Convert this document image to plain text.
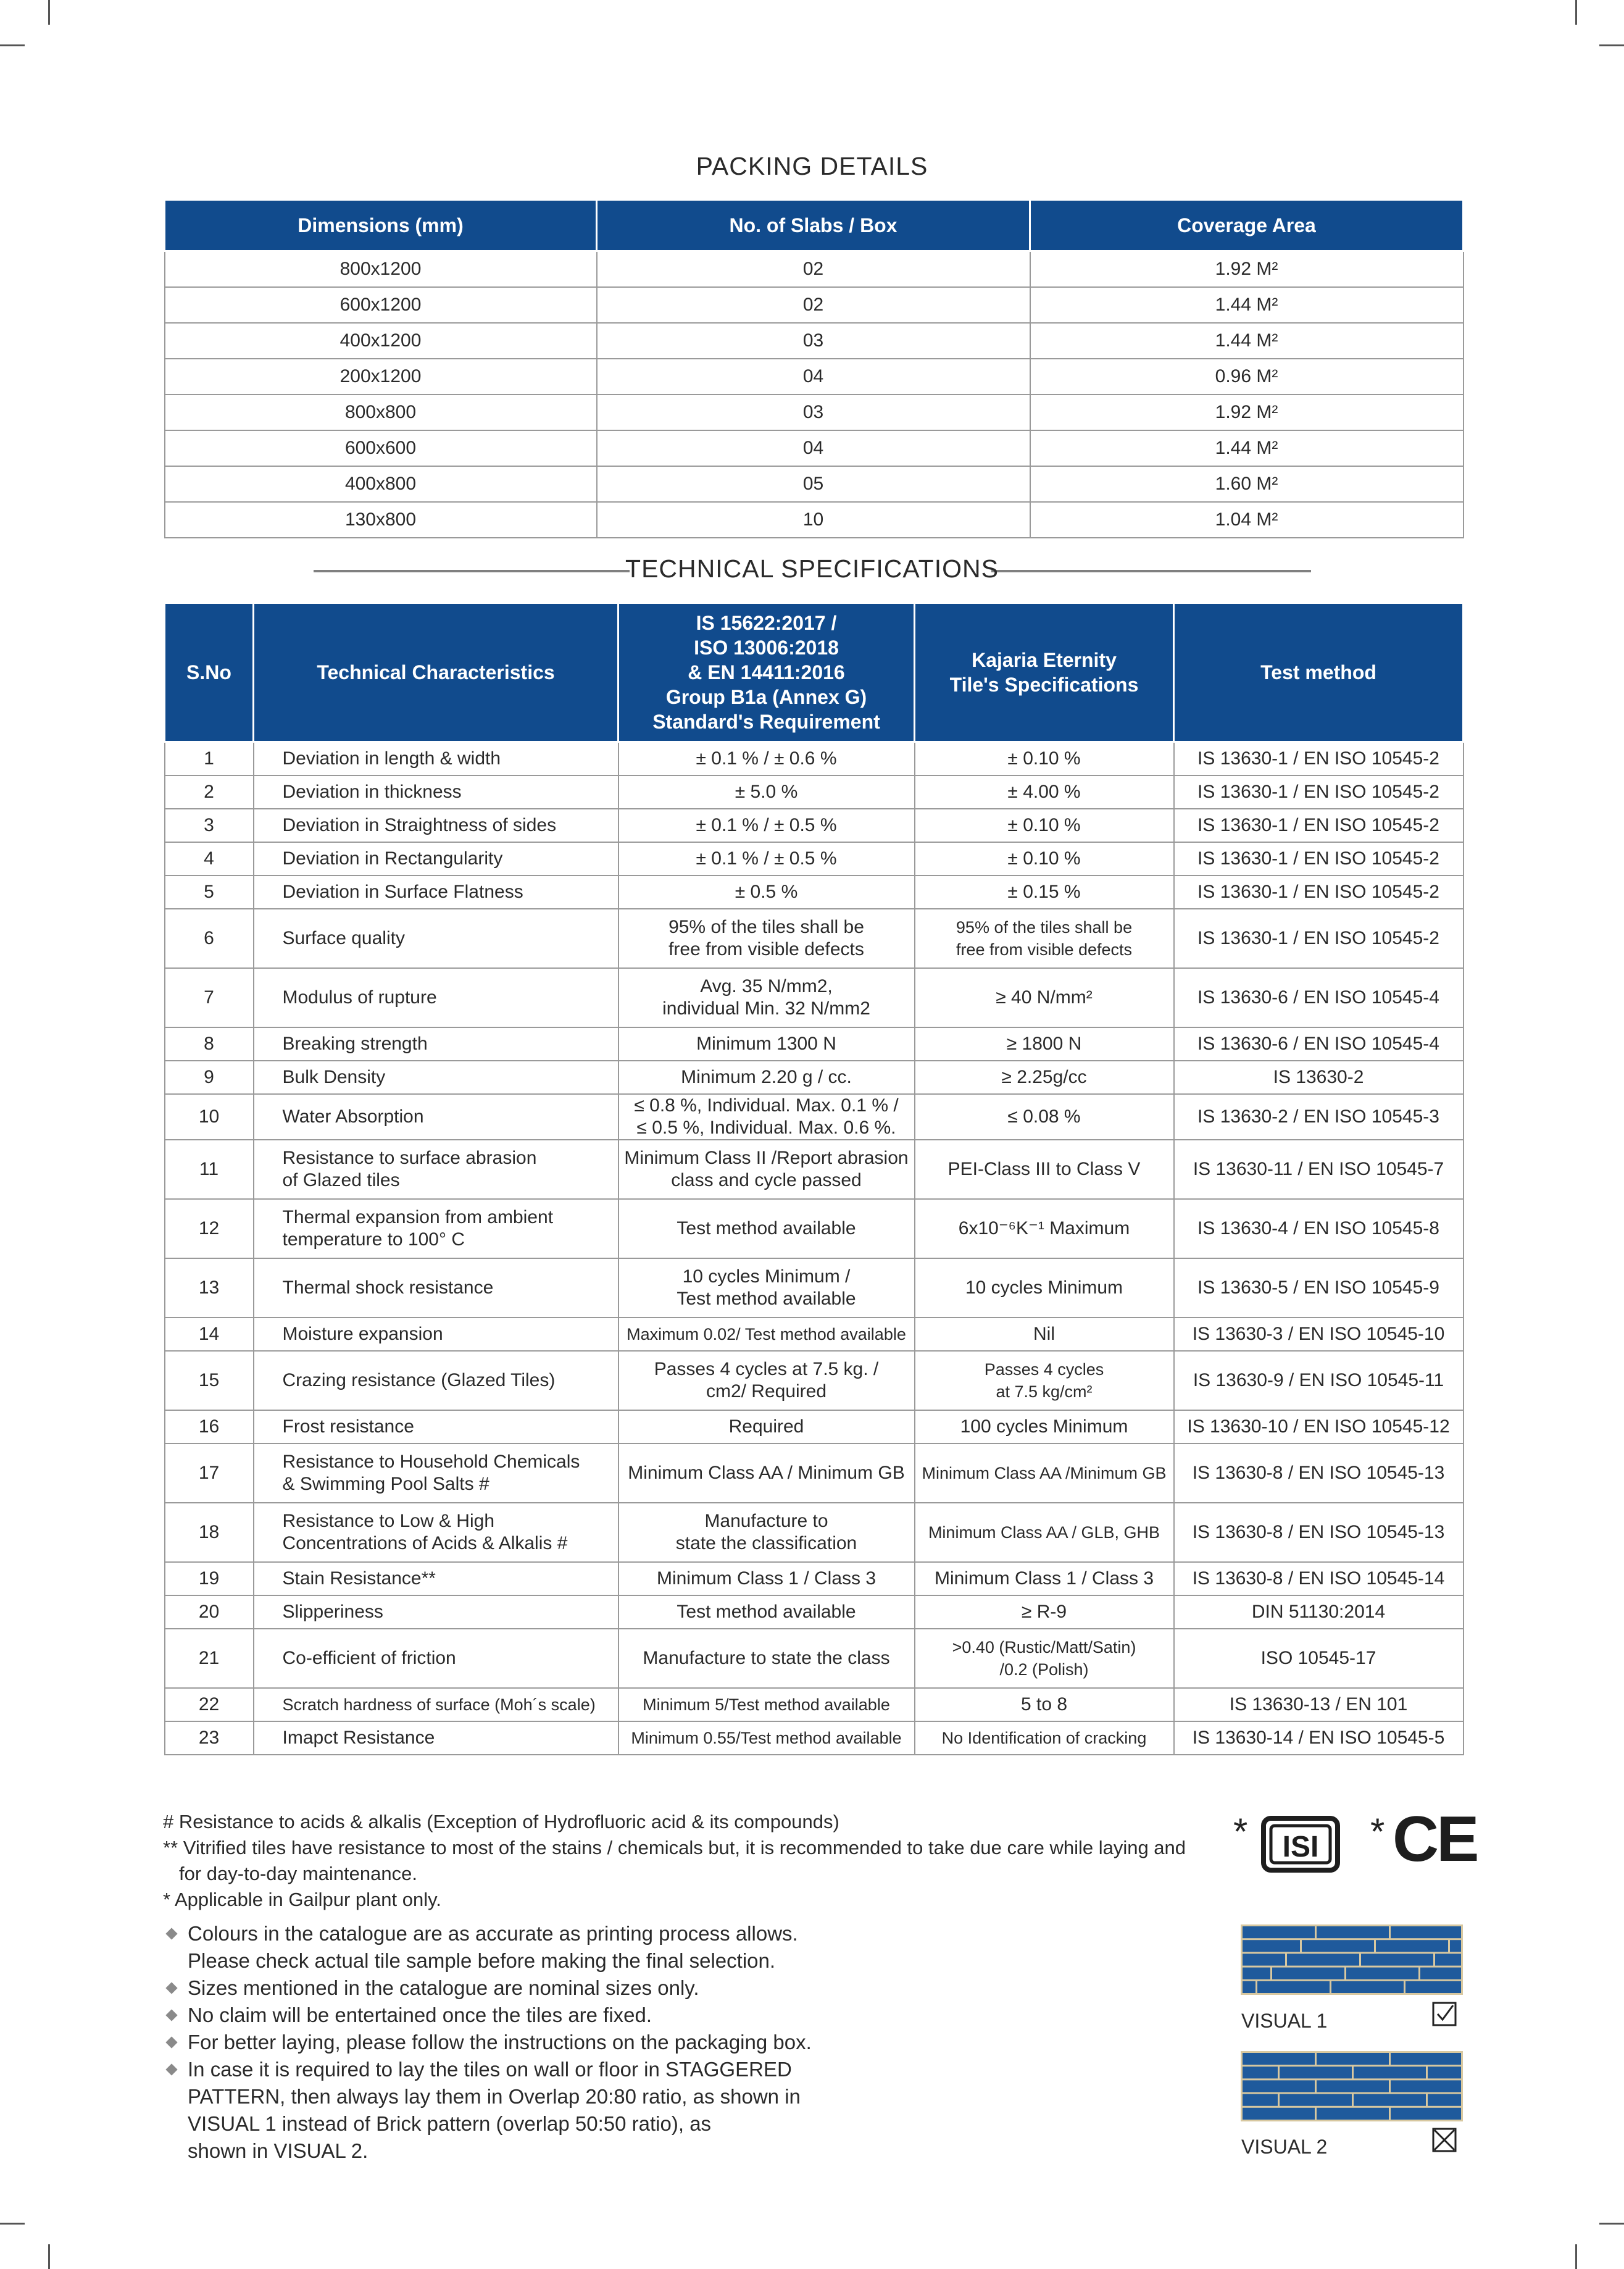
PACKING DETAILS
Dimensions (mm)	No. of Slabs / Box	Coverage Area
800x1200	02	1.92 M²
600x1200	02	1.44 M²
400x1200	03	1.44 M²
200x1200	04	0.96 M²
800x800	03	1.92 M²
600x600	04	1.44 M²
400x800	05	1.60 M²
130x800	10	1.04 M²
TECHNICAL SPECIFICATIONS
S.No	Technical Characteristics	IS 15622:2017 /
ISO 13006:2018
& EN 14411:2016
Group B1a (Annex G)
Standard's Requirement	Kajaria Eternity
Tile's Specifications	Test method
1	Deviation in length & width	± 0.1 % / ± 0.6 %	± 0.10 %	IS 13630-1 / EN ISO 10545-2
2	Deviation in thickness	± 5.0 %	± 4.00 %	IS 13630-1 / EN ISO 10545-2
3	Deviation in Straightness of sides	± 0.1 % / ± 0.5 %	± 0.10 %	IS 13630-1 / EN ISO 10545-2
4	Deviation in Rectangularity	± 0.1 % / ± 0.5 %	± 0.10 %	IS 13630-1 / EN ISO 10545-2
5	Deviation in Surface Flatness	± 0.5 %	± 0.15 %	IS 13630-1 / EN ISO 10545-2
6	Surface quality	95% of the tiles shall be
free from visible defects	95% of the tiles shall be
free from visible defects	IS 13630-1 / EN ISO 10545-2
7	Modulus of rupture	Avg. 35 N/mm2,
individual Min. 32 N/mm2	≥ 40 N/mm²	IS 13630-6 / EN ISO 10545-4
8	Breaking strength	Minimum 1300 N	≥ 1800 N	IS 13630-6 / EN ISO 10545-4
9	Bulk Density	Minimum 2.20 g / cc.	≥ 2.25g/cc	IS 13630-2
10	Water Absorption	≤ 0.8 %, Individual. Max. 0.1 % /
≤ 0.5 %, Individual. Max. 0.6 %.	≤ 0.08 %	IS 13630-2 / EN ISO 10545-3
11	Resistance to surface abrasion
of Glazed tiles	Minimum Class II /Report abrasion
class and cycle passed	PEI-Class III to Class V	IS 13630-11 / EN ISO 10545-7
12	Thermal expansion from ambient
temperature to 100° C	Test method available	6x10⁻⁶K⁻¹ Maximum	IS 13630-4 / EN ISO 10545-8
13	Thermal shock resistance	10 cycles Minimum /
Test method available	10 cycles Minimum	IS 13630-5 / EN ISO 10545-9
14	Moisture expansion	Maximum 0.02/ Test method available	Nil	IS 13630-3 / EN ISO 10545-10
15	Crazing resistance (Glazed Tiles)	Passes 4 cycles at 7.5 kg. /
cm2/ Required	Passes 4 cycles
at 7.5 kg/cm²	IS 13630-9 / EN ISO 10545-11
16	Frost resistance	Required	100 cycles Minimum	IS 13630-10 / EN ISO 10545-12
17	Resistance to Household Chemicals
& Swimming Pool Salts #	Minimum Class AA / Minimum GB	Minimum Class AA /Minimum GB	IS 13630-8 / EN ISO 10545-13
18	Resistance to Low & High
Concentrations of Acids & Alkalis #	Manufacture to
state the classification	Minimum Class AA / GLB, GHB	IS 13630-8 / EN ISO 10545-13
19	Stain Resistance**	Minimum Class 1 / Class 3	Minimum Class 1 / Class 3	IS 13630-8 / EN ISO 10545-14
20	Slipperiness	Test method available	≥ R-9	DIN 51130:2014
21	Co-efficient of friction	Manufacture to state the class	>0.40 (Rustic/Matt/Satin)
/0.2 (Polish)	ISO 10545-17
22	Scratch hardness of surface (Moh´s scale)	Minimum 5/Test method available	5 to 8	IS 13630-13 / EN 101
23	Imapct Resistance	Minimum 0.55/Test method available	No Identification of cracking	IS 13630-14 / EN ISO 10545-5
# Resistance to acids & alkalis (Exception of Hydrofluoric acid & its compounds)
** Vitrified tiles have resistance to most of the stains / chemicals but, it is recommended to take due care while laying and
for day-to-day maintenance.
* Applicable in Gailpur plant only.
Colours in the catalogue are as accurate as printing process allows.
Please check actual tile sample before making the final selection.
Sizes mentioned in the catalogue are nominal sizes only.
No claim will be entertained once the tiles are fixed.
For better laying, please follow the instructions on the packaging box.
In case it is required to lay the tiles on wall or floor in STAGGERED
PATTERN, then always lay them in Overlap 20:80 ratio, as shown in
VISUAL 1 instead of Brick pattern (overlap 50:50 ratio), as
shown in VISUAL 2.
* ISI * CE
VISUAL 1
VISUAL 2
